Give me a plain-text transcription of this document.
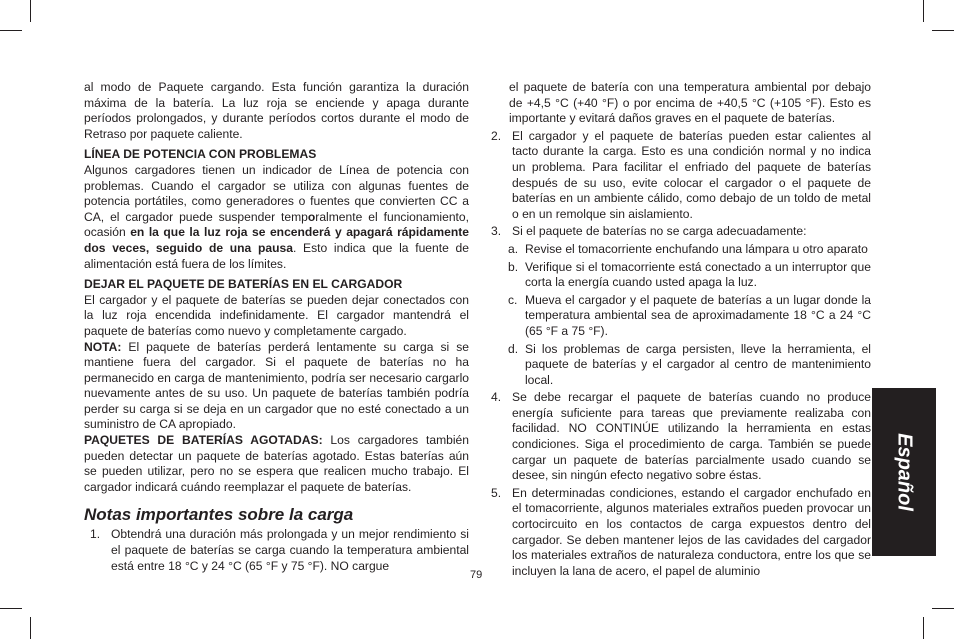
al modo de Paquete cargando. Esta función garantiza la duración máxima de la batería. La luz roja se enciende y apaga durante períodos prolongados, y durante períodos cortos durante el modo de Retraso por paquete caliente.

LÍNEA DE POTENCIA CON PROBLEMAS

Algunos cargadores tienen un indicador de Línea de potencia con problemas. Cuando el cargador se utiliza con algunas fuentes de potencia portátiles, como generadores o fuentes que convierten CC a CA, el cargador puede suspender temporalmente el funcionamiento, ocasión en la que la luz roja se encenderá y apagará rápidamente dos veces, seguido de una pausa. Esto indica que la fuente de alimentación está fuera de los límites.

DEJAR EL PAQUETE DE BATERÍAS EN EL CARGADOR

El cargador y el paquete de baterías se pueden dejar conectados con la luz roja encendida indefinidamente. El cargador mantendrá el paquete de baterías como nuevo y completamente cargado.

NOTA: El paquete de baterías perderá lentamente su carga si se mantiene fuera del cargador. Si el paquete de baterías no ha permanecido en carga de mantenimiento, podría ser necesario cargarlo nuevamente antes de su uso. Un paquete de baterías también podría perder su carga si se deja en un cargador que no esté conectado a un suministro de CA apropiado.

PAQUETES DE BATERÍAS AGOTADAS: Los cargadores también pueden detectar un paquete de baterías agotado. Estas baterías aún se pueden utilizar, pero no se espera que realicen mucho trabajo. El cargador indicará cuándo reemplazar el paquete de baterías.

Notas importantes sobre la carga
1. Obtendrá una duración más prolongada y un mejor rendimiento si el paquete de baterías se carga cuando la temperatura ambiental está entre 18 °C y 24 °C (65 °F y 75 °F). NO cargue
el paquete de batería con una temperatura ambiental por debajo de +4,5 °C (+40 °F) o por encima de +40,5 °C (+105 °F). Esto es importante y evitará daños graves en el paquete de baterías.
2. El cargador y el paquete de baterías pueden estar calientes al tacto durante la carga. Esto es una condición normal y no indica un problema. Para facilitar el enfriado del paquete de baterías después de su uso, evite colocar el cargador o el paquete de baterías en un ambiente cálido, como debajo de un toldo de metal o en un remolque sin aislamiento.
3. Si el paquete de baterías no se carga adecuadamente:
a. Revise el tomacorriente enchufando una lámpara u otro aparato
b. Verifique si el tomacorriente está conectado a un interruptor que corta la energía cuando usted apaga la luz.
c. Mueva el cargador y el paquete de baterías a un lugar donde la temperatura ambiental sea de aproximadamente 18 °C a 24 °C (65 °F a 75 °F).
d. Si los problemas de carga persisten, lleve la herramienta, el paquete de baterías y el cargador al centro de mantenimiento local.
4. Se debe recargar el paquete de baterías cuando no produce energía suficiente para tareas que previamente realizaba con facilidad. NO CONTINÚE utilizando la herramienta en estas condiciones. Siga el procedimiento de carga. También se puede cargar un paquete de baterías parcialmente usado cuando se desee, sin ningún efecto negativo sobre éstas.
5. En determinadas condiciones, estando el cargador enchufado en el tomacorriente, algunos materiales extraños pueden provocar un cortocircuito en los contactos de carga expuestos dentro del cargador. Se deben mantener lejos de las cavidades del cargador los materiales extraños de naturaleza conductora, entre los que se incluyen la lana de acero, el papel de aluminio
Español
79
